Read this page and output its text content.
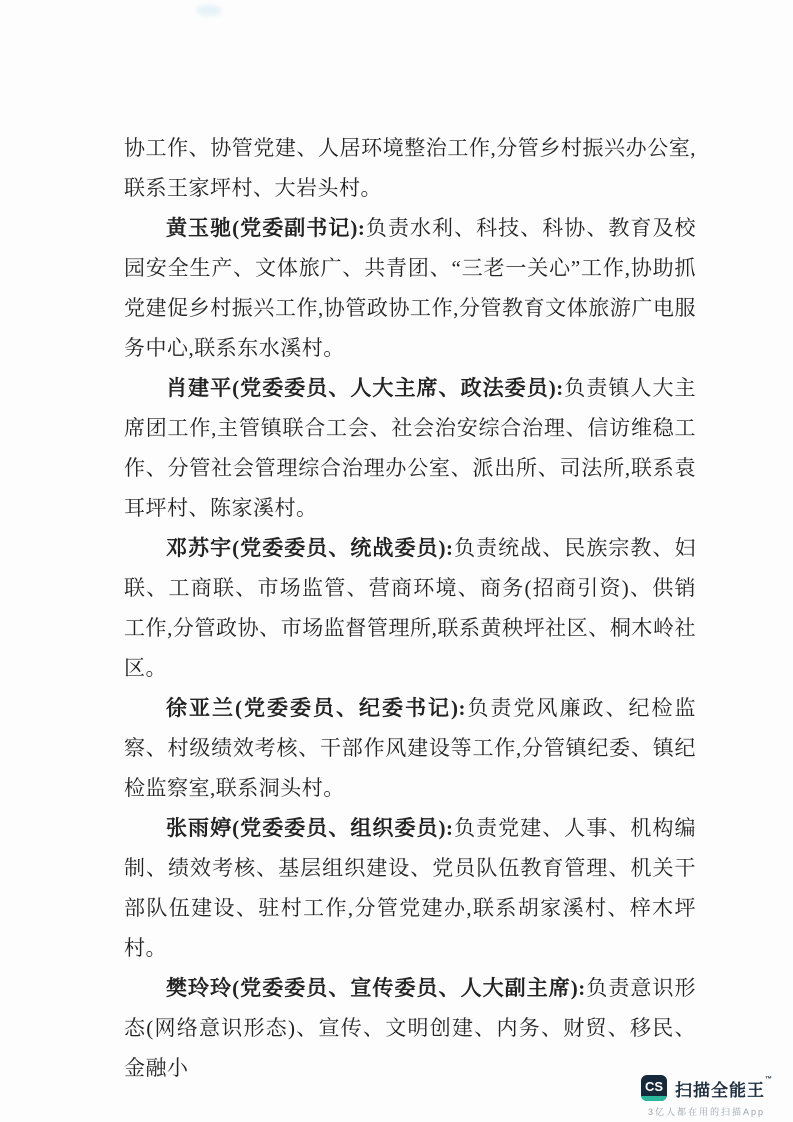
协工作、协管党建、人居环境整治工作,分管乡村振兴办公室,联系王家坪村、大岩头村。

黄玉驰(党委副书记):负责水利、科技、科协、教育及校园安全生产、文体旅广、共青团、“三老一关心”工作,协助抓党建促乡村振兴工作,协管政协工作,分管教育文体旅游广电服务中心,联系东水溪村。

肖建平(党委委员、人大主席、政法委员):负责镇人大主席团工作,主管镇联合工会、社会治安综合治理、信访维稳工作、分管社会管理综合治理办公室、派出所、司法所,联系袁耳坪村、陈家溪村。

邓苏宇(党委委员、统战委员):负责统战、民族宗教、妇联、工商联、市场监管、营商环境、商务(招商引资)、供销工作,分管政协、市场监督管理所,联系黄秧坪社区、桐木岭社区。

徐亚兰(党委委员、纪委书记):负责党风廉政、纪检监察、村级绩效考核、干部作风建设等工作,分管镇纪委、镇纪检监察室,联系洞头村。

张雨婷(党委委员、组织委员):负责党建、人事、机构编制、绩效考核、基层组织建设、党员队伍教育管理、机关干部队伍建设、驻村工作,分管党建办,联系胡家溪村、梓木坪村。

樊玲玲(党委委员、宣传委员、人大副主席):负责意识形态(网络意识形态)、宣传、文明创建、内务、财贸、移民、金融小

CS 扫描全能王™
3亿人都在用的扫描App
